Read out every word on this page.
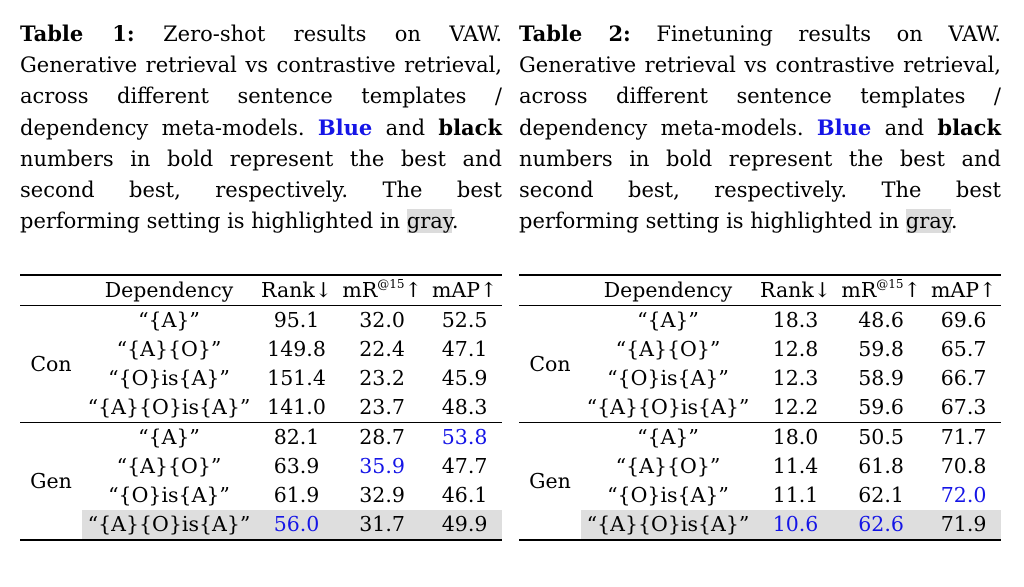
Table 1: Zero-shot results on VAW. Generative retrieval vs contrastive retrieval, across different sentence templates / dependency meta-models. Blue and black numbers in bold represent the best and second best, respectively. The best performing setting is highlighted in gray.

	Dependency	Rank↓	$mR^{@15}↑$	mAP↑
Con	“{A}”	95.1	32.0	52.5
	“{A}{O}”	149.8	22.4	47.1
	“{O}is{A}”	151.4	23.2	45.9
	“{A}{O}is{A}”	141.0	23.7	48.3
Gen	“{A}”	82.1	28.7	53.8
	“{A}{O}”	63.9	35.9	47.7
	“{O}is{A}”	61.9	32.9	46.1
	“{A}{O}is{A}”	56.0	31.7	49.9

Table 2: Finetuning results on VAW. Generative retrieval vs contrastive retrieval, across different sentence templates / dependency meta-models. Blue and black numbers in bold represent the best and second best, respectively. The best performing setting is highlighted in gray.

	Dependency	Rank↓	$mR^{@15}↑$	mAP↑
Con	“{A}”	18.3	48.6	69.6
	“{A}{O}”	12.8	59.8	65.7
	“{O}is{A}”	12.3	58.9	66.7
	“{A}{O}is{A}”	12.2	59.6	67.3
Gen	“{A}”	18.0	50.5	71.7
	“{A}{O}”	11.4	61.8	70.8
	“{O}is{A}”	11.1	62.1	72.0
	“{A}{O}is{A}”	10.6	62.6	71.9
